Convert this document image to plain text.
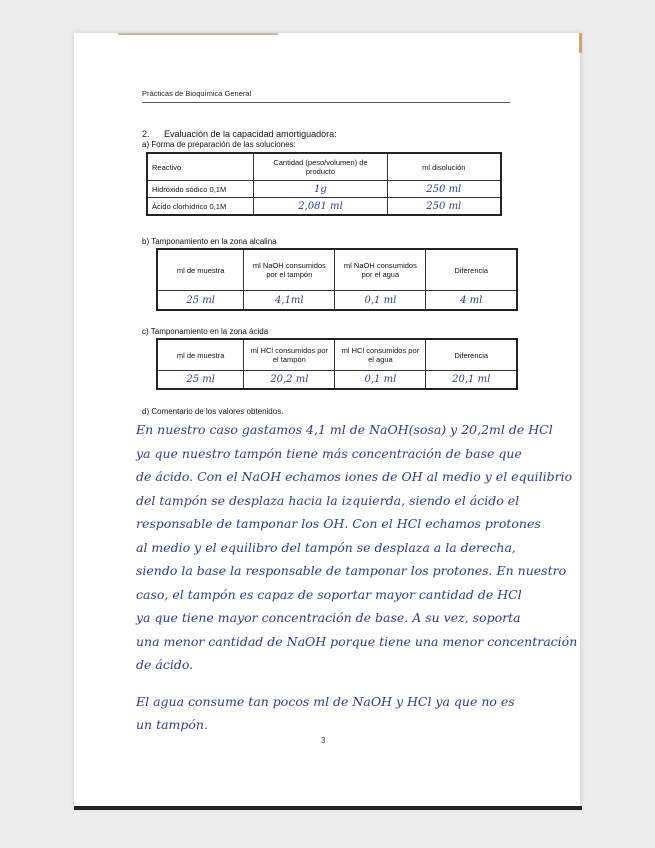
Prácticas de Bioquímica General
2. Evaluación de la capacidad amortiguadora:
a) Forma de preparación de las soluciones:
Reactivo	Cantidad (peso/volumen) de producto	ml disolución
Hidróxido sódico 0,1M	1g	250 ml
Ácido clorhídrico 0,1M	2,081 ml	250 ml
b) Tamponamiento en la zona alcalina
ml de muestra	ml NaOH consumidos por el tampón	ml NaOH consumidos por el agua	Diferencia
25 ml	4,1ml	0,1 ml	4 ml
c) Tamponamiento en la zona ácida
ml de muestra	ml HCl consumidos por el tampón	ml HCl consumidos por el agua	Diferencia
25 ml	20,2 ml	0,1 ml	20,1 ml
d) Comentario de los valores obtenidos.

En nuestro caso gastamos 4,1 ml de NaOH(sosa) y 20,2ml de HCl

ya que nuestro tampón tiene más concentración de base que

de ácido. Con el NaOH echamos iones de OH al medio y el equilibrio

del tampón se desplaza hacia la izquierda, siendo el ácido el

responsable de tamponar los OH. Con el HCl echamos protones

al medio y el equilibro del tampón se desplaza a la derecha,

siendo la base la responsable de tamponar los protones. En nuestro

caso, el tampón es capaz de soportar mayor cantidad de HCl

ya que tiene mayor concentración de base. A su vez, soporta

una menor cantidad de NaOH porque tiene una menor concentración

de ácido.

El agua consume tan pocos ml de NaOH y HCl ya que no es

un tampón.

3
